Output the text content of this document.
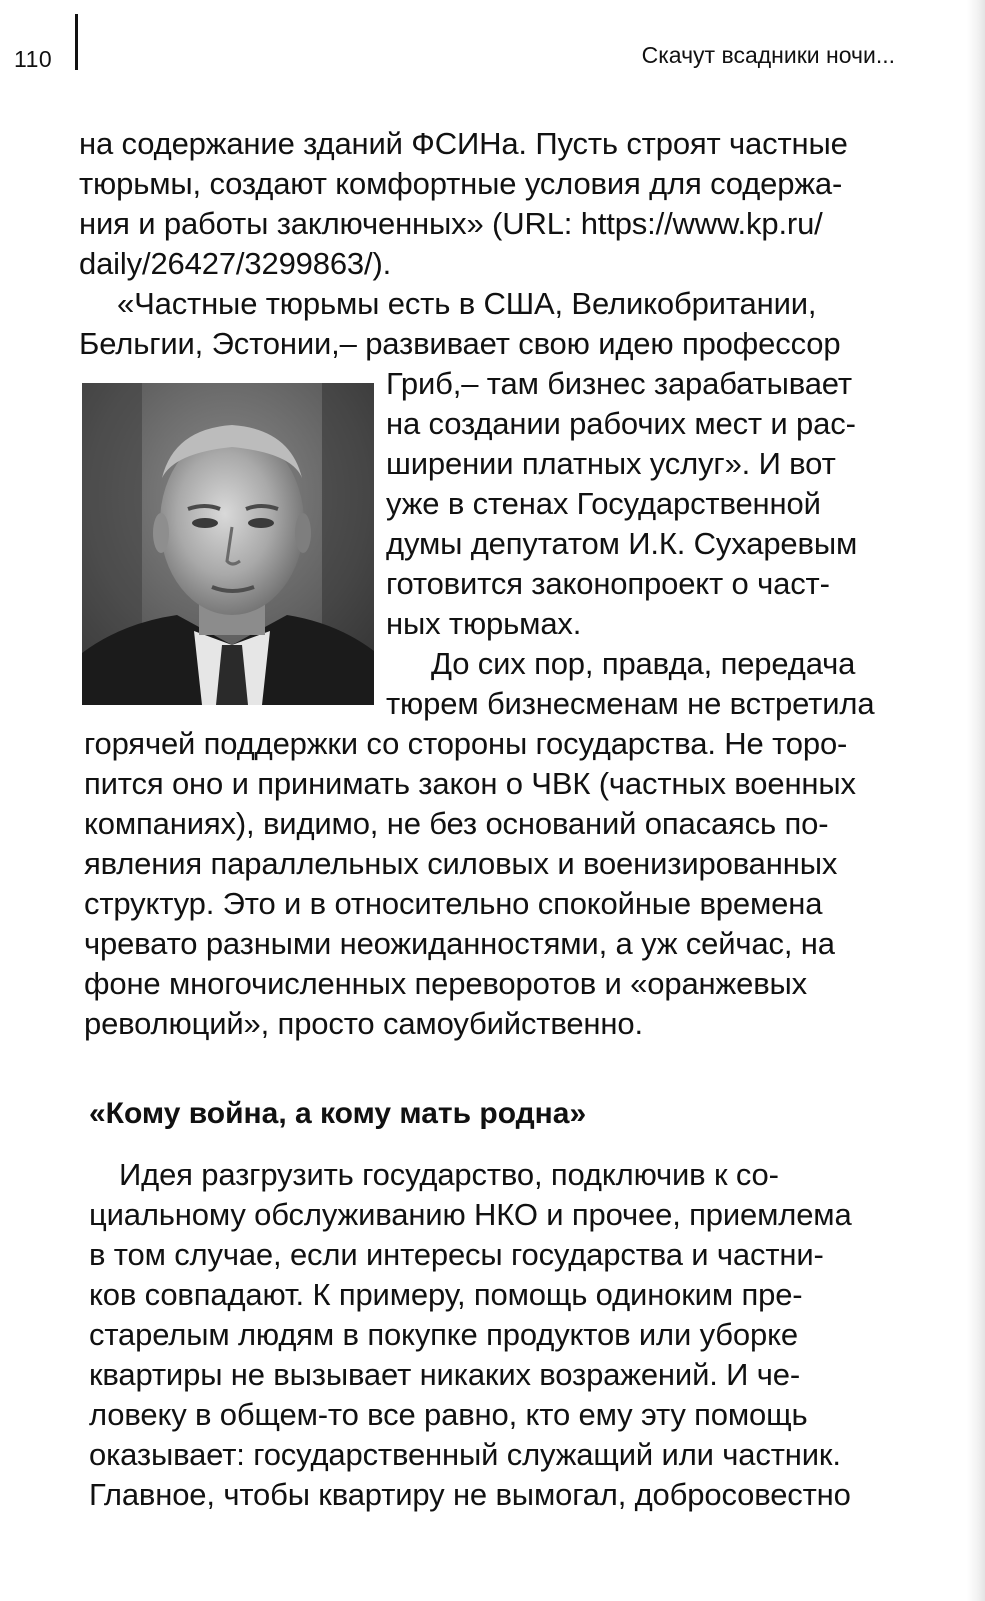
110	Скачут всадники ночи...
на содержание зданий ФСИНа. Пусть строят частные
тюрьмы, создают комфортные условия для содержа-
ния и работы заключенных» (URL: https://www.kp.ru/
daily/26427/3299863/).
«Частные тюрьмы есть в США, Великобритании,
Бельгии, Эстонии,– развивает свою идею профессор
Гриб,– там бизнес зарабатывает
на создании рабочих мест и рас-
ширении платных услуг». И вот
уже в стенах Государственной
думы депутатом И.К. Сухаревым
готовится законопроект о част-
ных тюрьмах.
До сих пор, правда, передача
тюрем бизнесменам не встретила
горячей поддержки со стороны государства. Не торо-
пится оно и принимать закон о ЧВК (частных военных
компаниях), видимо, не без оснований опасаясь по-
явления параллельных силовых и военизированных
структур. Это и в относительно спокойные времена
чревато разными неожиданностями, а уж сейчас, на
фоне многочисленных переворотов и «оранжевых
революций», просто самоубийственно.
«Кому война, а кому мать родна»
Идея разгрузить государство, подключив к со-
циальному обслуживанию НКО и прочее, приемлема
в том случае, если интересы государства и частни-
ков совпадают. К примеру, помощь одиноким пре-
старелым людям в покупке продуктов или уборке
квартиры не вызывает никаких возражений. И че-
ловеку в общем-то все равно, кто ему эту помощь
оказывает: государственный служащий или частник.
Главное, чтобы квартиру не вымогал, добросовестно
